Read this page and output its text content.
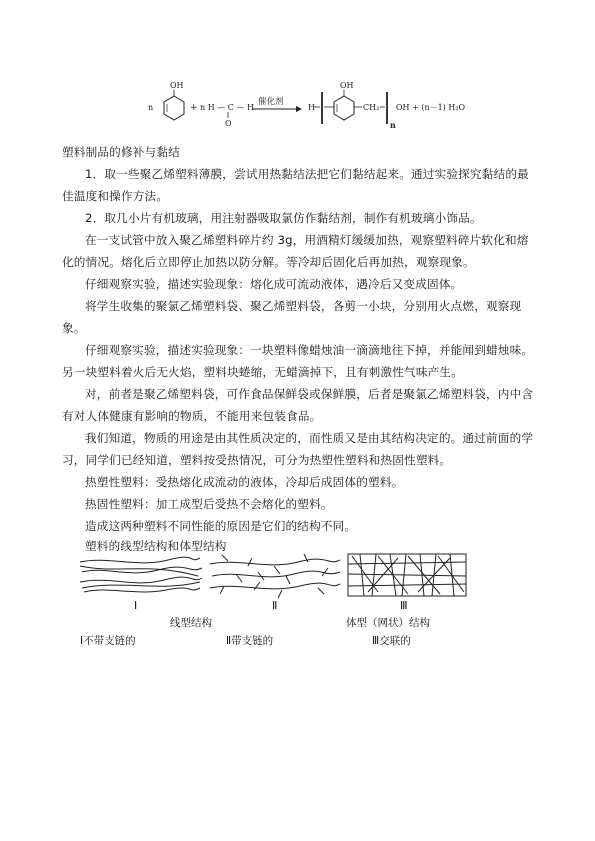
OH
n	+ n H — C — H
O
催化剂
H
OH
CH₂
n
OH + (n－1) H₂O

塑料制品的修补与黏结

1．取一些聚乙烯塑料薄膜，尝试用热黏结法把它们黏结起来。通过实验探究黏结的最佳温度和操作方法。

2．取几小片有机玻璃，用注射器吸取氯仿作黏结剂，制作有机玻璃小饰品。

在一支试管中放入聚乙烯塑料碎片约 3g，用酒精灯缓缓加热，观察塑料碎片软化和熔化的情况。熔化后立即停止加热以防分解。等冷却后固化后再加热，观察现象。

仔细观察实验，描述实验现象：熔化成可流动液体，遇冷后又变成固体。

将学生收集的聚氯乙烯塑料袋、聚乙烯塑料袋，各剪一小块，分别用火点燃，观察现象。

仔细观察实验，描述实验现象：一块塑料像蜡烛油一滴滴地往下掉，并能闻到蜡烛味。另一块塑料着火后无火焰，塑料块蜷缩，无蜡滴掉下，且有刺激性气味产生。

对，前者是聚乙烯塑料袋，可作食品保鲜袋或保鲜膜，后者是聚氯乙烯塑料袋，内中含有对人体健康有影响的物质，不能用来包装食品。

我们知道，物质的用途是由其性质决定的，而性质又是由其结构决定的。通过前面的学习，同学们已经知道，塑料按受热情况，可分为热塑性塑料和热固性塑料。

热塑性塑料：受热熔化成流动的液体，冷却后成固体的塑料。

热固性塑料：加工成型后受热不会熔化的塑料。

造成这两种塑料不同性能的原因是它们的结构不同。

塑料的线型结构和体型结构

Ⅰ	Ⅱ	Ⅲ
线型结构	体型（网状）结构
Ⅰ不带支链的	Ⅱ带支链的	Ⅲ交联的
